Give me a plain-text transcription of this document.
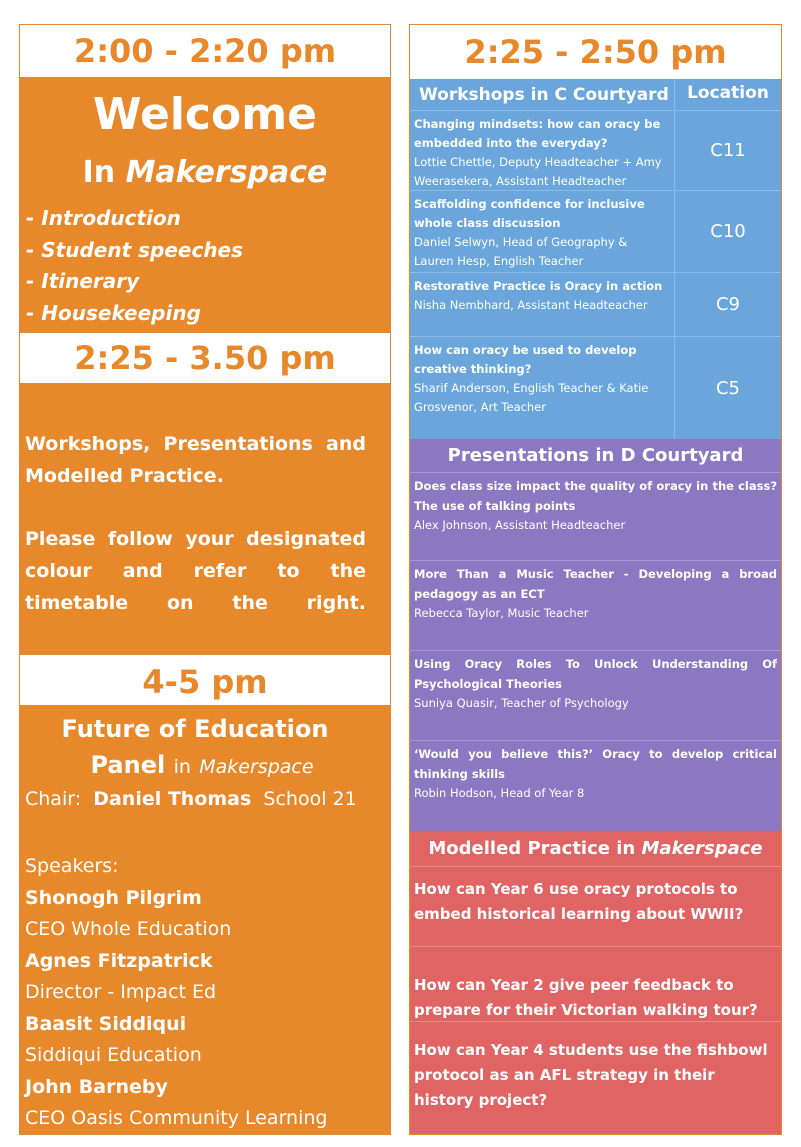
2:00 - 2:20 pm
Welcome
In Makerspace
- Introduction
- Student speeches
- Itinerary
- Housekeeping
2:25 - 3.50 pm

Workshops, Presentations and Modelled Practice.

Please follow your designated colour and refer to the timetable on the right.

4-5 pm
Future of Education
Panel in Makerspace
Chair: Daniel Thomas School 21
Speakers:
Shonogh Pilgrim
CEO Whole Education
Agnes Fitzpatrick
Director - Impact Ed
Baasit Siddiqui
Siddiqui Education
John Barneby
CEO Oasis Community Learning
2:25 - 2:50 pm
Workshops in C Courtyard	Location
Changing mindsets: how can oracy be embedded into the everyday?
Lottie Chettle, Deputy Headteacher + Amy Weerasekera, Assistant Headteacher
C11
Scaffolding confidence for inclusive whole class discussion
Daniel Selwyn, Head of Geography & Lauren Hesp, English Teacher
C10
Restorative Practice is Oracy in action
Nisha Nembhard, Assistant Headteacher	C9
How can oracy be used to develop creative thinking?
Sharif Anderson, English Teacher & Katie Grosvenor, Art Teacher
C5
Presentations in D Courtyard
Does class size impact the quality of oracy in the class? The use of talking points
Alex Johnson, Assistant Headteacher
More Than a Music Teacher - Developing a broad pedagogy as an ECT
Rebecca Taylor, Music Teacher
Using Oracy Roles To Unlock Understanding Of Psychological Theories
Suniya Quasir, Teacher of Psychology
‘Would you believe this?’ Oracy to develop critical thinking skills
Robin Hodson, Head of Year 8
Modelled Practice in Makerspace
How can Year 6 use oracy protocols to embed historical learning about WWII?
How can Year 2 give peer feedback to prepare for their Victorian walking tour?
How can Year 4 students use the fishbowl protocol as an AFL strategy in their history project?
